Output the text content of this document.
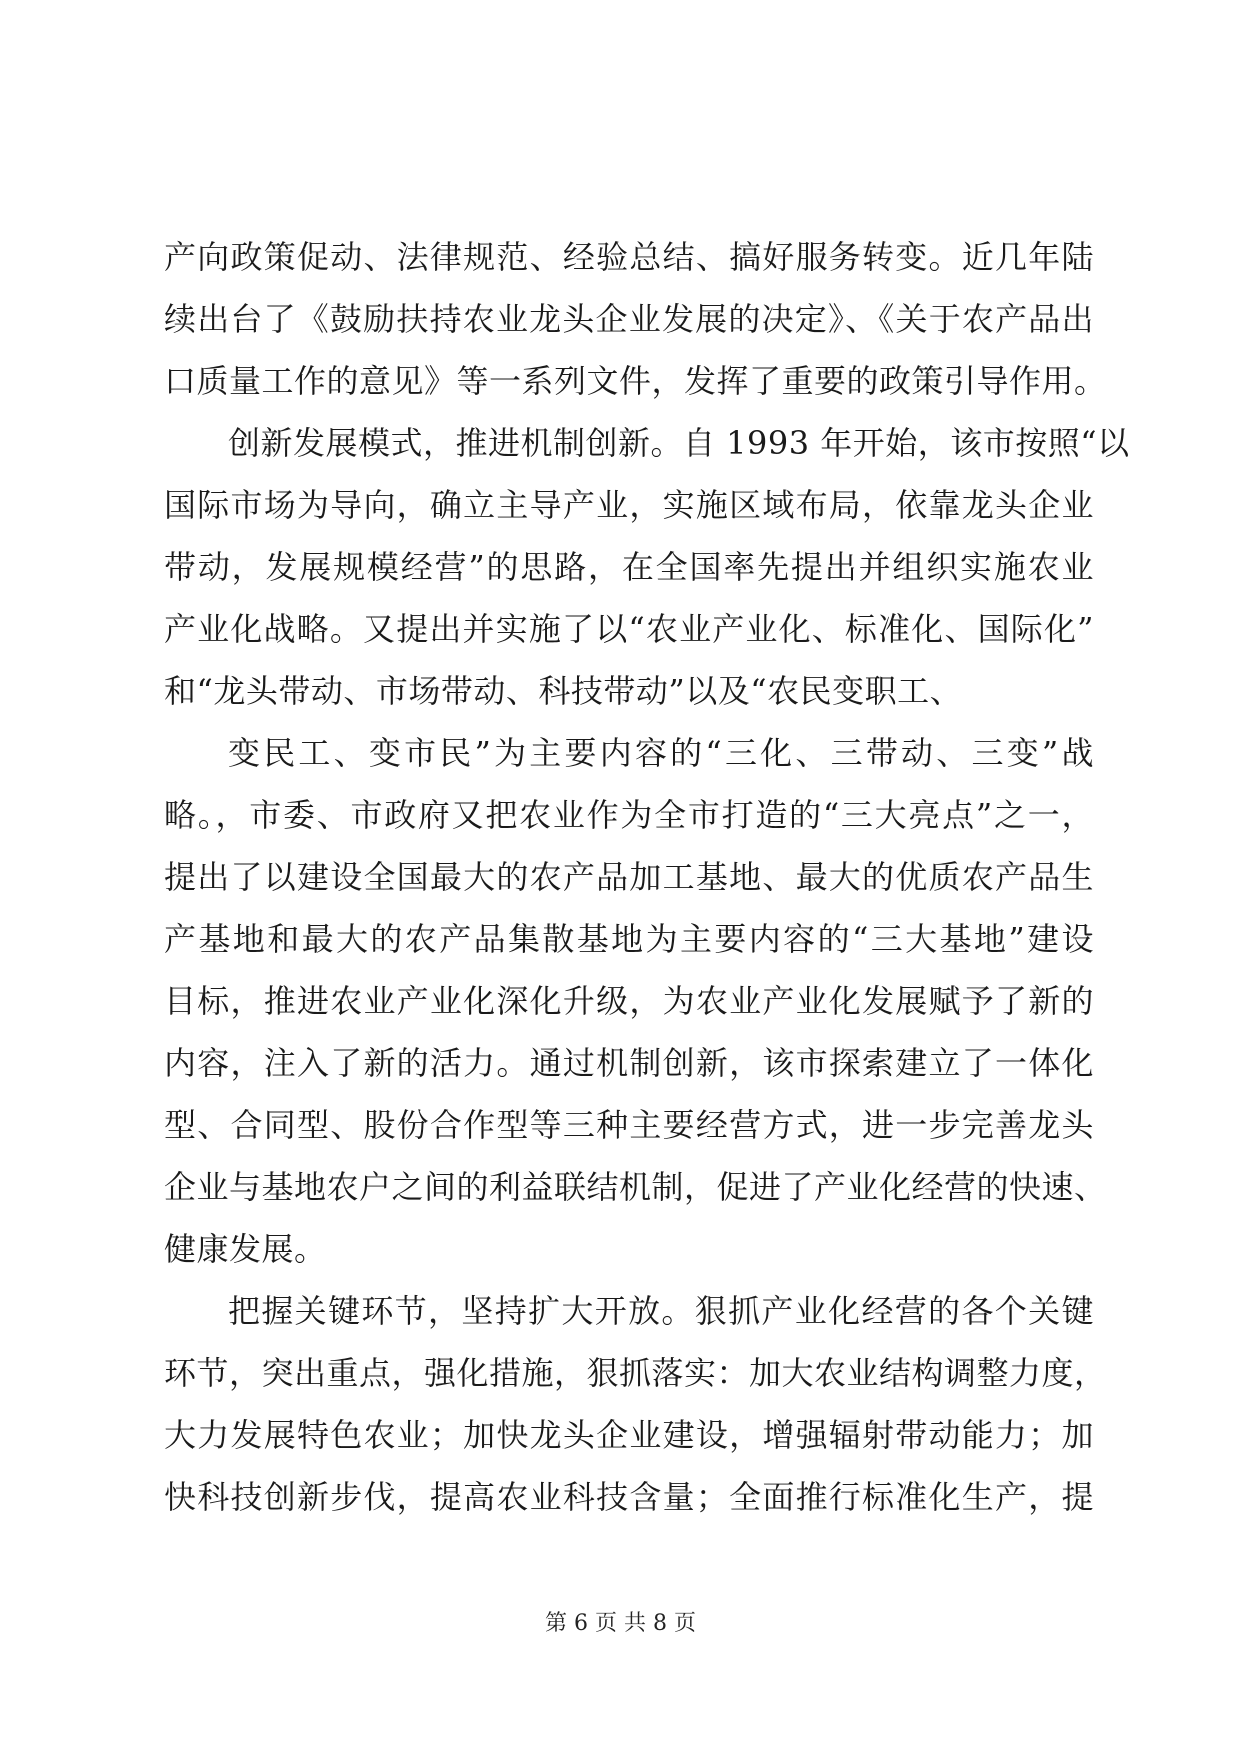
产向政策促动、法律规范、经验总结、搞好服务转变。近几年陆
续出台了《鼓励扶持农业龙头企业发展的决定》、《关于农产品出
口质量工作的意见》等一系列文件，发挥了重要的政策引导作用。
创新发展模式，推进机制创新。自 1993 年开始，该市按照“以
国际市场为导向，确立主导产业，实施区域布局，依靠龙头企业
带动，发展规模经营”的思路，在全国率先提出并组织实施农业
产业化战略。又提出并实施了以“农业产业化、标准化、国际化”
和“龙头带动、市场带动、科技带动”以及“农民变职工、
变民工、变市民”为主要内容的“三化、三带动、三变”战
略。，市委、市政府又把农业作为全市打造的“三大亮点”之一，
提出了以建设全国最大的农产品加工基地、最大的优质农产品生
产基地和最大的农产品集散基地为主要内容的“三大基地”建设
目标，推进农业产业化深化升级，为农业产业化发展赋予了新的
内容，注入了新的活力。通过机制创新，该市探索建立了一体化
型、合同型、股份合作型等三种主要经营方式，进一步完善龙头
企业与基地农户之间的利益联结机制，促进了产业化经营的快速、
健康发展。
把握关键环节，坚持扩大开放。狠抓产业化经营的各个关键
环节，突出重点，强化措施，狠抓落实：加大农业结构调整力度，
大力发展特色农业；加快龙头企业建设，增强辐射带动能力；加
快科技创新步伐，提高农业科技含量；全面推行标准化生产，提
第 6 页 共 8 页
